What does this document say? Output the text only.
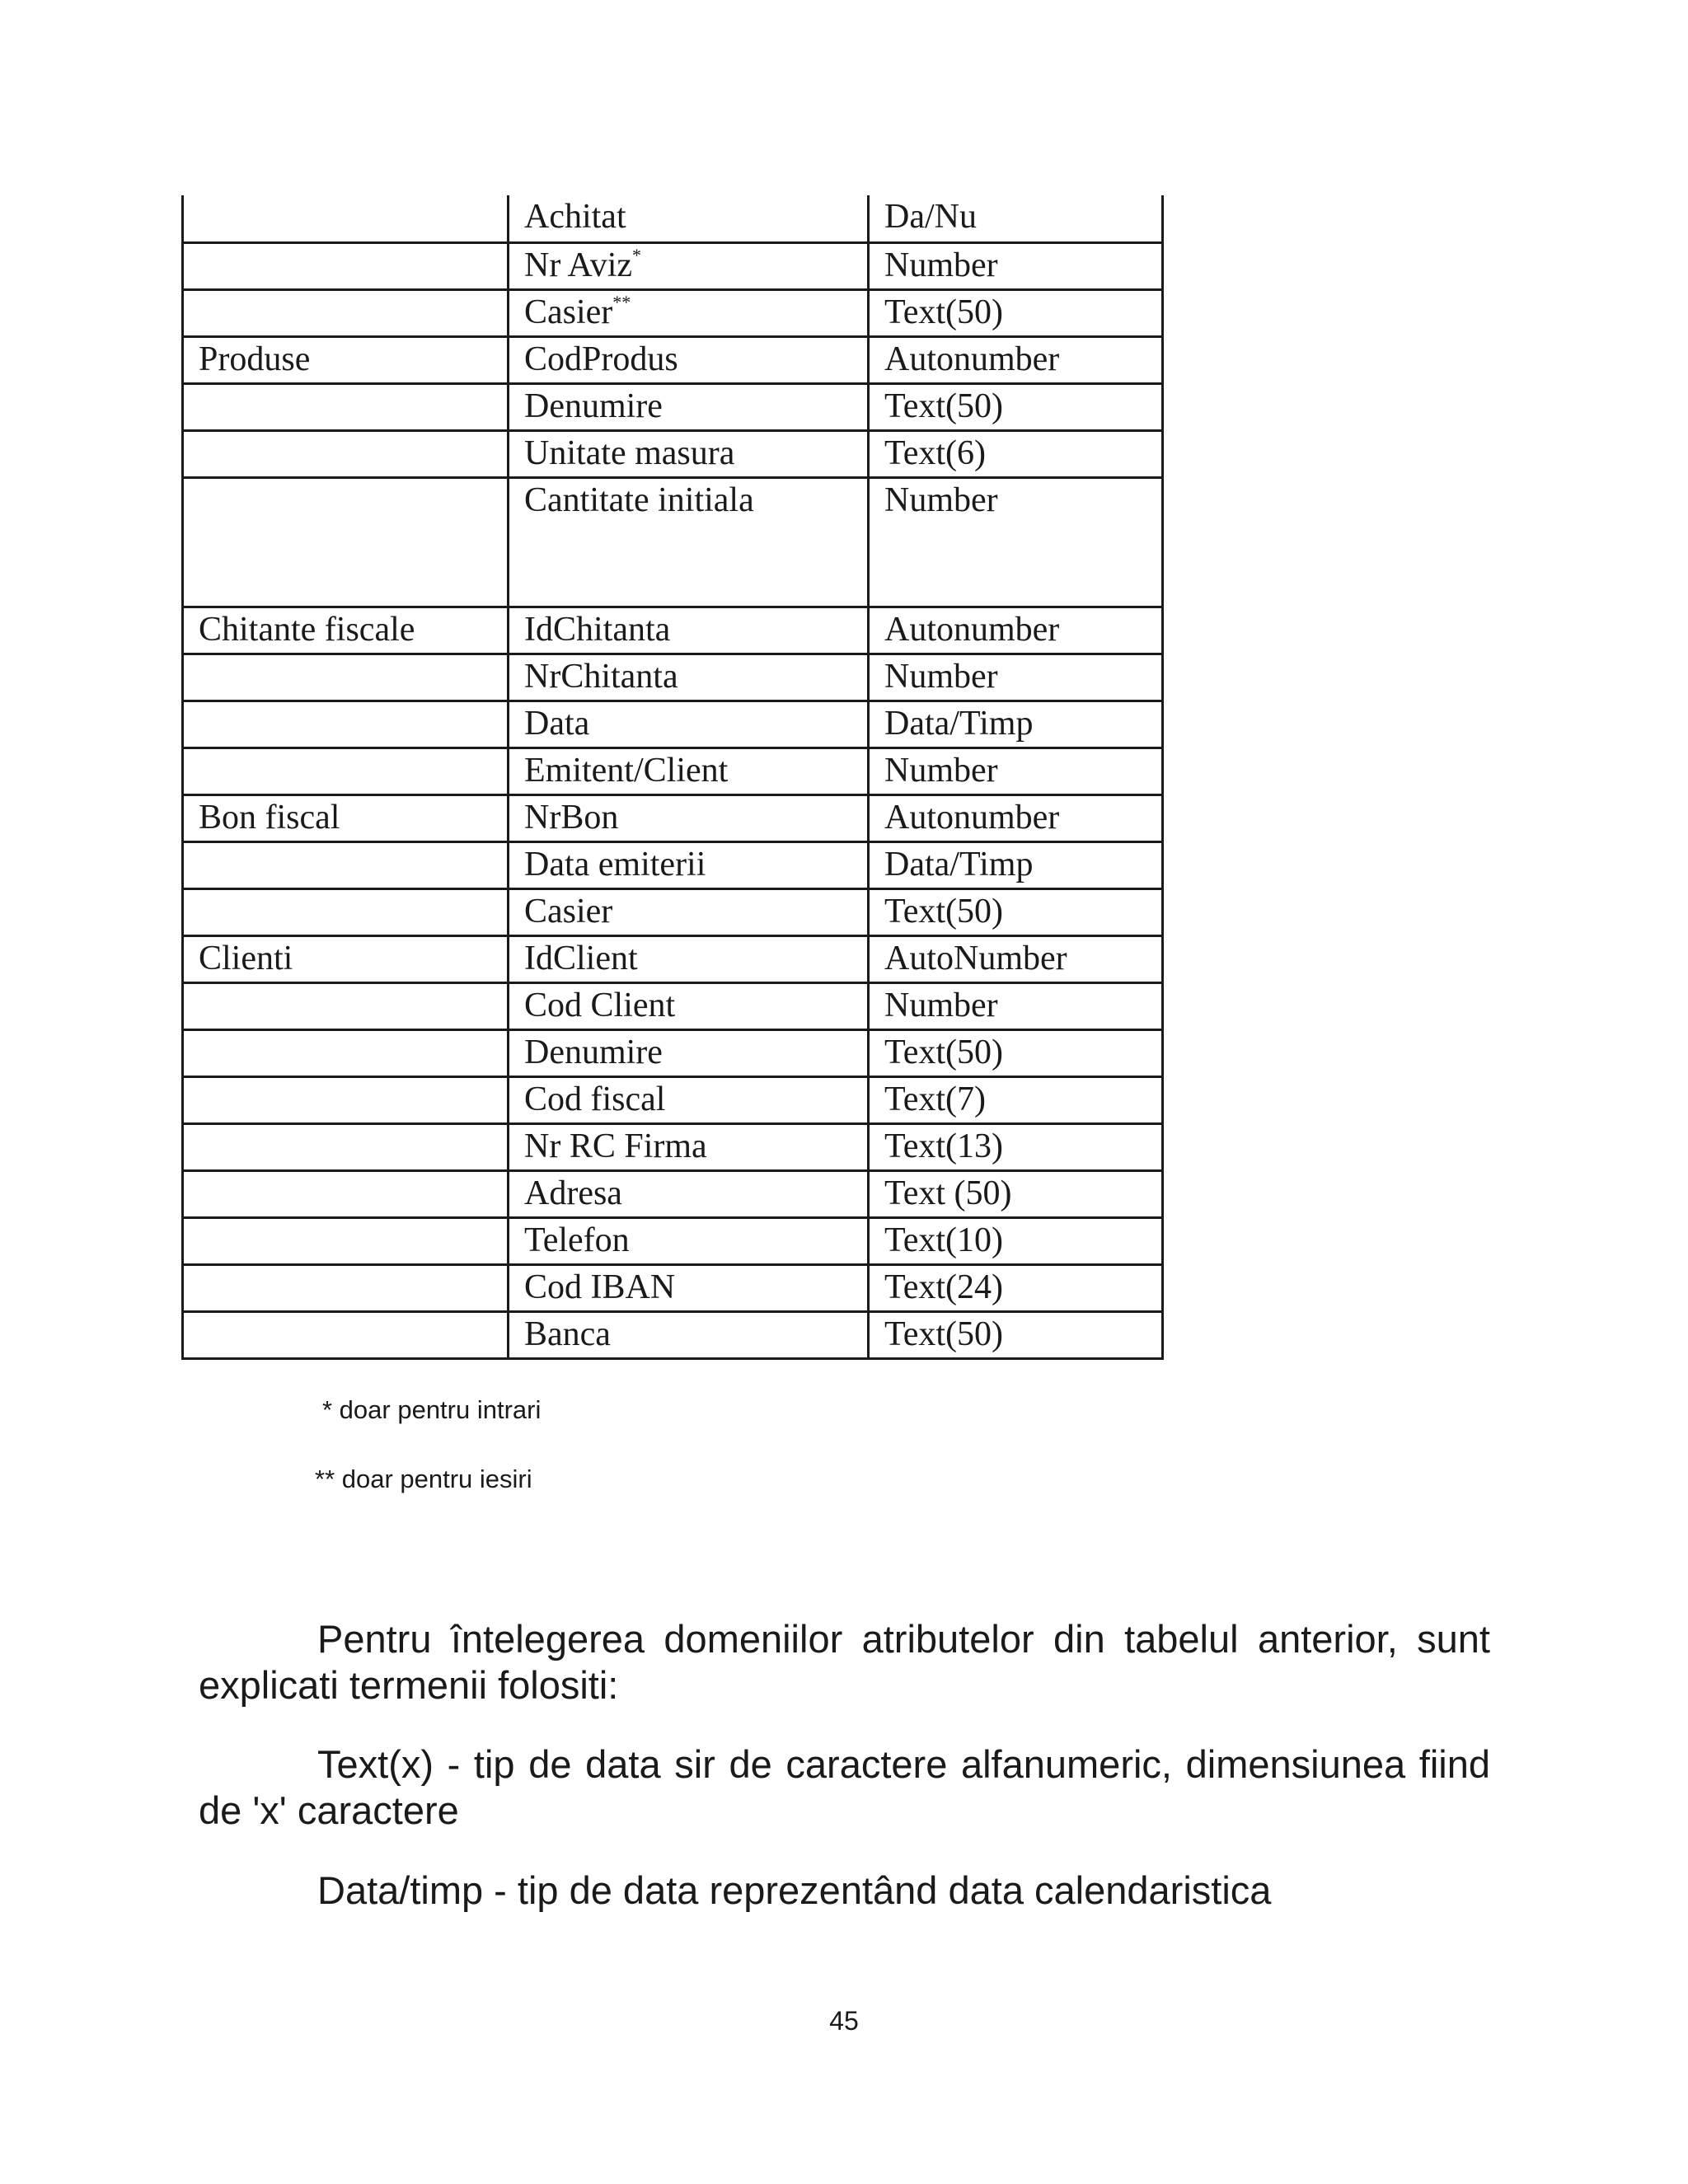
	Achitat	Da/Nu
	Nr Aviz*	Number
	Casier**	Text(50)
Produse	CodProdus	Autonumber
	Denumire	Text(50)
	Unitate masura	Text(6)
	Cantitate initiala	Number
Chitante fiscale	IdChitanta	Autonumber
	NrChitanta	Number
	Data	Data/Timp
	Emitent/Client	Number
Bon fiscal	NrBon	Autonumber
	Data emiterii	Data/Timp
	Casier	Text(50)
Clienti	IdClient	AutoNumber
	Cod Client	Number
	Denumire	Text(50)
	Cod fiscal	Text(7)
	Nr RC Firma	Text(13)
	Adresa	Text (50)
	Telefon	Text(10)
	Cod IBAN	Text(24)
	Banca	Text(50)
* doar pentru intrari
** doar pentru iesiri

Pentru întelegerea domeniilor atributelor din tabelul anterior, sunt explicati termenii folositi:

Text(x) - tip de data sir de caractere alfanumeric, dimensiunea fiind de 'x' caractere

Data/timp - tip de data reprezentând data calendaristica

45
